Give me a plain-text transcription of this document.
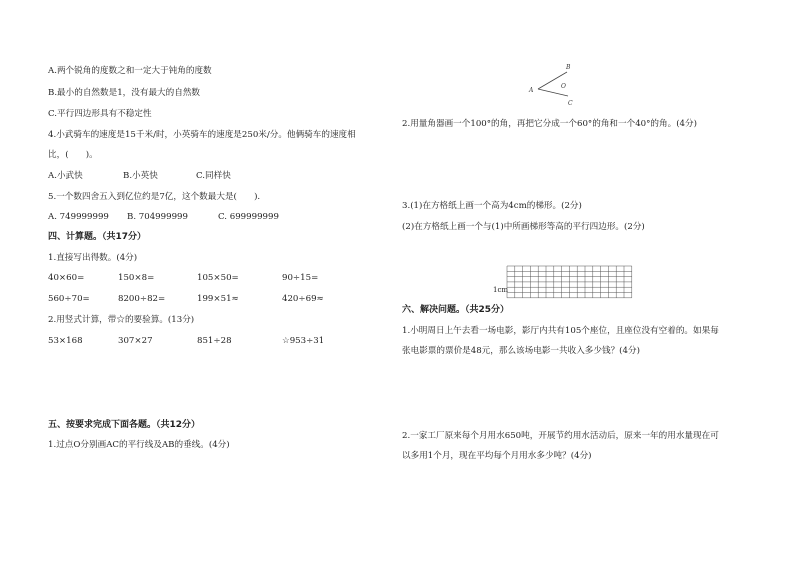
A.两个锐角的度数之和一定大于钝角的度数
B.最小的自然数是1，没有最大的自然数
C.平行四边形具有不稳定性
4.小武骑车的速度是15千米/时，小英骑车的速度是250米/分。他俩骑车的速度相
比，(　　)。
A.小武快	B.小英快	C.同样快
5.一个数四舍五入到亿位约是7亿，这个数最大是(　　).
A. 749999999 B. 704999999	C. 699999999
四、计算题。（共17分）
1.直接写出得数。(4分)
40×60=	150×8=	105×50=	90÷15=
560÷70=	8200÷82=	199×51≈	420÷69≈
2.用竖式计算，带☆的要验算。(13分)
53×168	307×27	851÷28	☆953÷31
五、按要求完成下面各题。（共12分）
1.过点O分别画AC的平行线及AB的垂线。(4分)
A
B
O
C
2.用量角器画一个100°的角，再把它分成一个60°的角和一个40°的角。(4分)
3.(1)在方格纸上画一个高为4cm的梯形。(2分)
(2)在方格纸上画一个与(1)中所画梯形等高的平行四边形。(2分)
1cm
六、解决问题。（共25分）
1.小明周日上午去看一场电影，影厅内共有105个座位，且座位没有空着的。如果每
张电影票的票价是48元，那么该场电影一共收入多少钱？(4分)
2.一家工厂原来每个月用水650吨，开展节约用水活动后，原来一年的用水量现在可
以多用1个月，现在平均每个月用水多少吨？(4分)
